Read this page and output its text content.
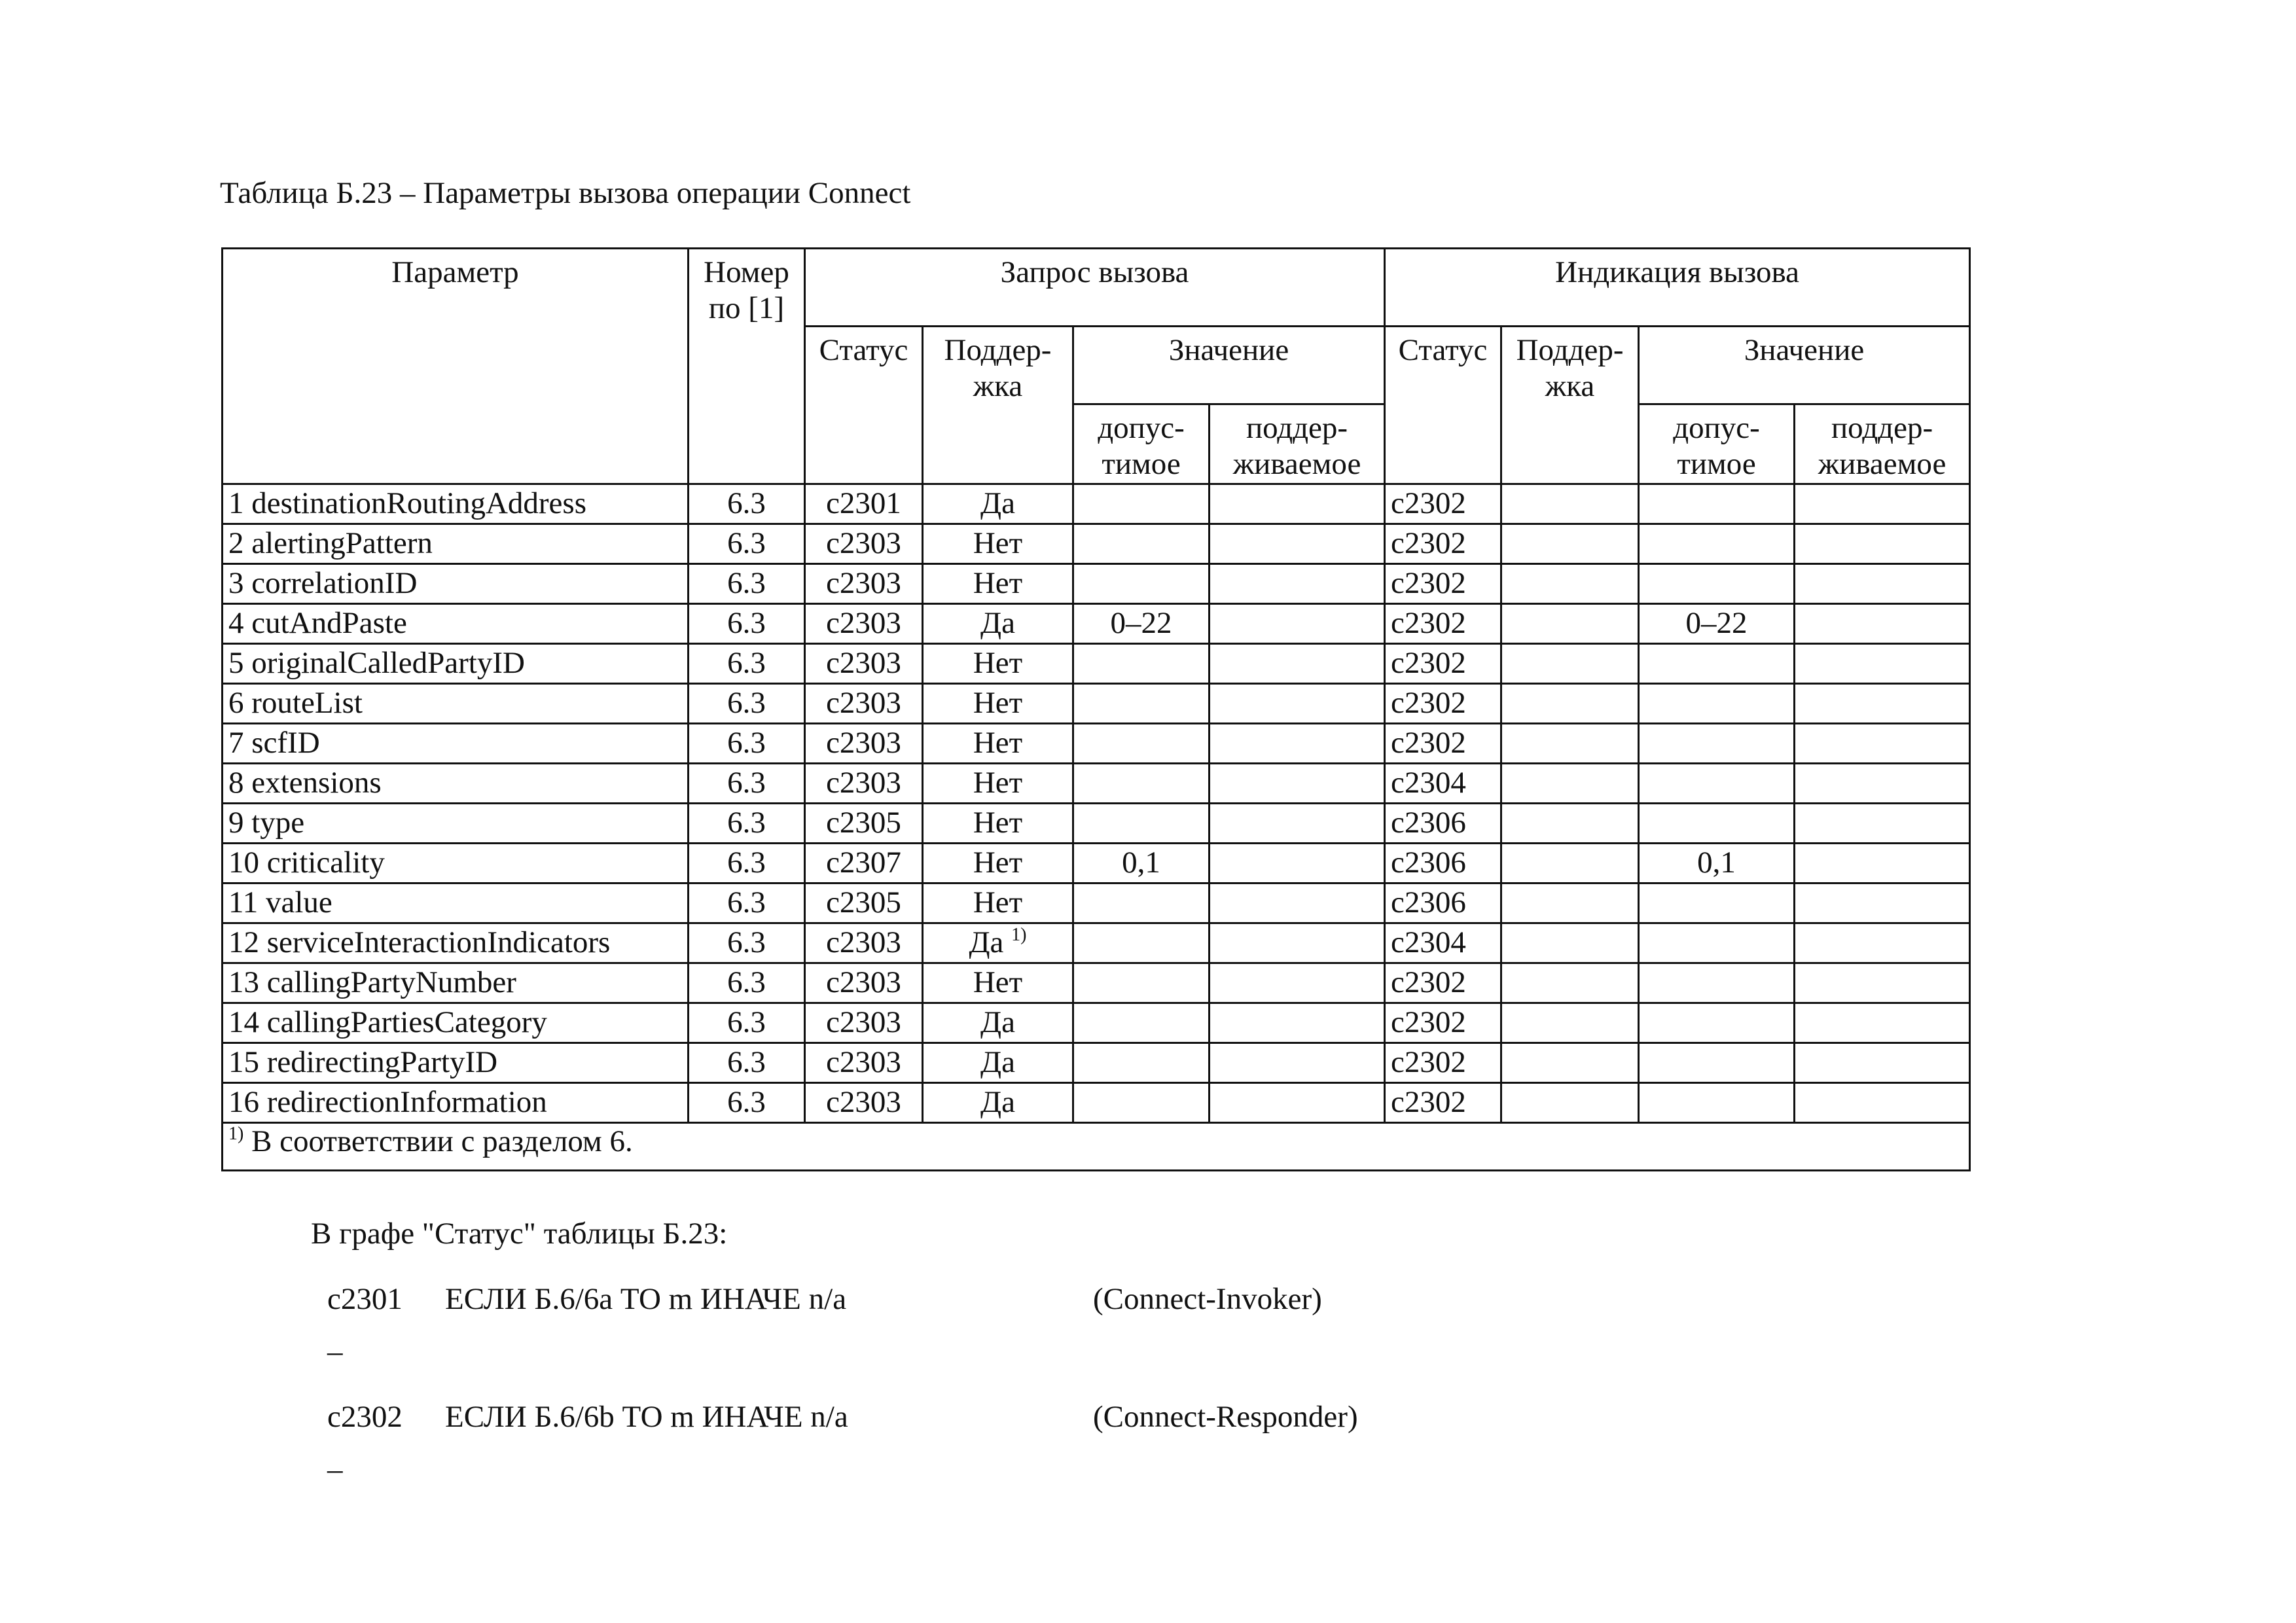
Таблица Б.23 – Параметры вызова операции Connect
Параметр	Номер по [1]	Запрос вызова				Индикация вызова			
		Статус	Поддер-жка	Значение		Статус	Поддер-жка	Значение	
				допус-тимое	поддер-живаемое			допус-тимое	поддер-живаемое
1 destinationRoutingAddress	6.3	c2301	Да			c2302			
2 alertingPattern	6.3	c2303	Нет			c2302			
3 correlationID	6.3	c2303	Нет			c2302			
4 cutAndPaste	6.3	c2303	Да	0–22		c2302		0–22	
5 originalCalledPartyID	6.3	c2303	Нет			c2302			
6 routeList	6.3	c2303	Нет			c2302			
7 scfID	6.3	c2303	Нет			c2302			
8 extensions	6.3	c2303	Нет			c2304			
9 type	6.3	c2305	Нет			c2306			
10 criticality	6.3	c2307	Нет	0,1		c2306		0,1	
11 value	6.3	c2305	Нет			c2306			
12 serviceInteractionIndicators	6.3	c2303	Да $^{1)}$			c2304			
13 callingPartyNumber	6.3	c2303	Нет			c2302			
14 callingPartiesCategory	6.3	c2303	Да			c2302			
15 redirectingPartyID	6.3	c2303	Да			c2302			
16 redirectionInformation	6.3	c2303	Да			c2302			
$^{1)}$ В соответствии с разделом 6.									
В графе "Статус" таблицы Б.23:
c2301 ЕСЛИ Б.6/6a ТО m ИНАЧЕ n/a	(Connect-Invoker)
–
c2302 ЕСЛИ Б.6/6b ТО m ИНАЧЕ n/a	(Connect-Responder)
–
